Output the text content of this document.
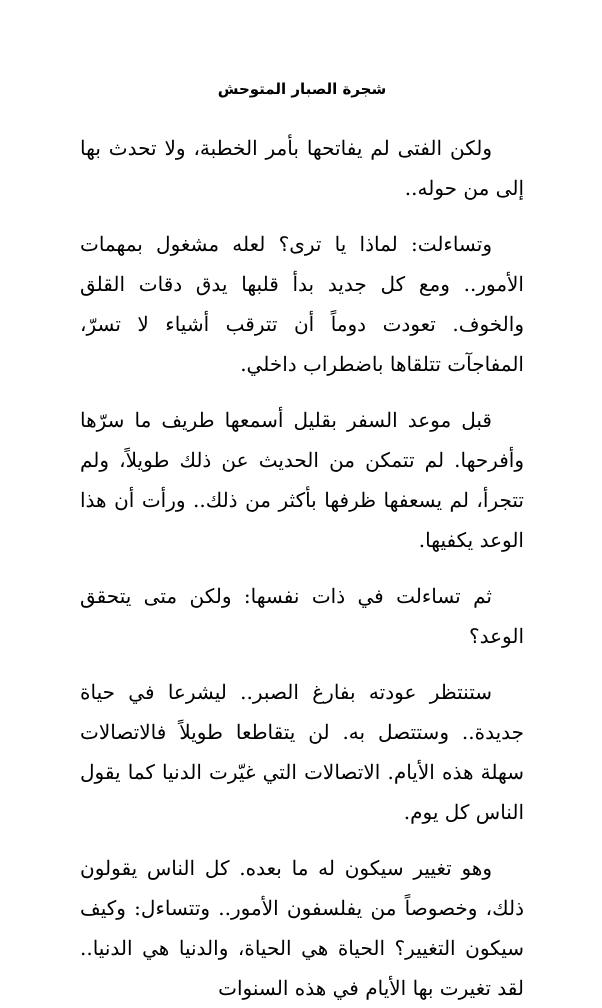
شجرة الصبار المتوحش

ولكن الفتى لم يفاتحها بأمر الخطبة، ولا تحدث بها إلى من حوله..

وتساءلت: لماذا يا ترى؟ لعله مشغول بمهمات الأمور.. ومع كل جديد بدأ قلبها يدق دقات القلق والخوف. تعودت دوماً أن تترقب أشياء لا تسرّ، المفاجآت تتلقاها باضطراب داخلي.

قبل موعد السفر بقليل أسمعها طريف ما سرّها وأفرحها. لم تتمكن من الحديث عن ذلك طويلاً، ولم تتجرأ، لم يسعفها ظرفها بأكثر من ذلك.. ورأت أن هذا الوعد يكفيها.

ثم تساءلت في ذات نفسها: ولكن متى يتحقق الوعد؟

ستنتظر عودته بفارغ الصبر.. ليشرعا في حياة جديدة.. وستتصل به. لن يتقاطعا طويلاً فالاتصالات سهلة هذه الأيام. الاتصالات التي غيّرت الدنيا كما يقول الناس كل يوم.

وهو تغيير سيكون له ما بعده. كل الناس يقولون ذلك، وخصوصاً من يفلسفون الأمور.. وتتساءل: وكيف سيكون التغيير؟ الحياة هي الحياة، والدنيا هي الدنيا.. لقد تغيرت بها الأيام في هذه السنوات
